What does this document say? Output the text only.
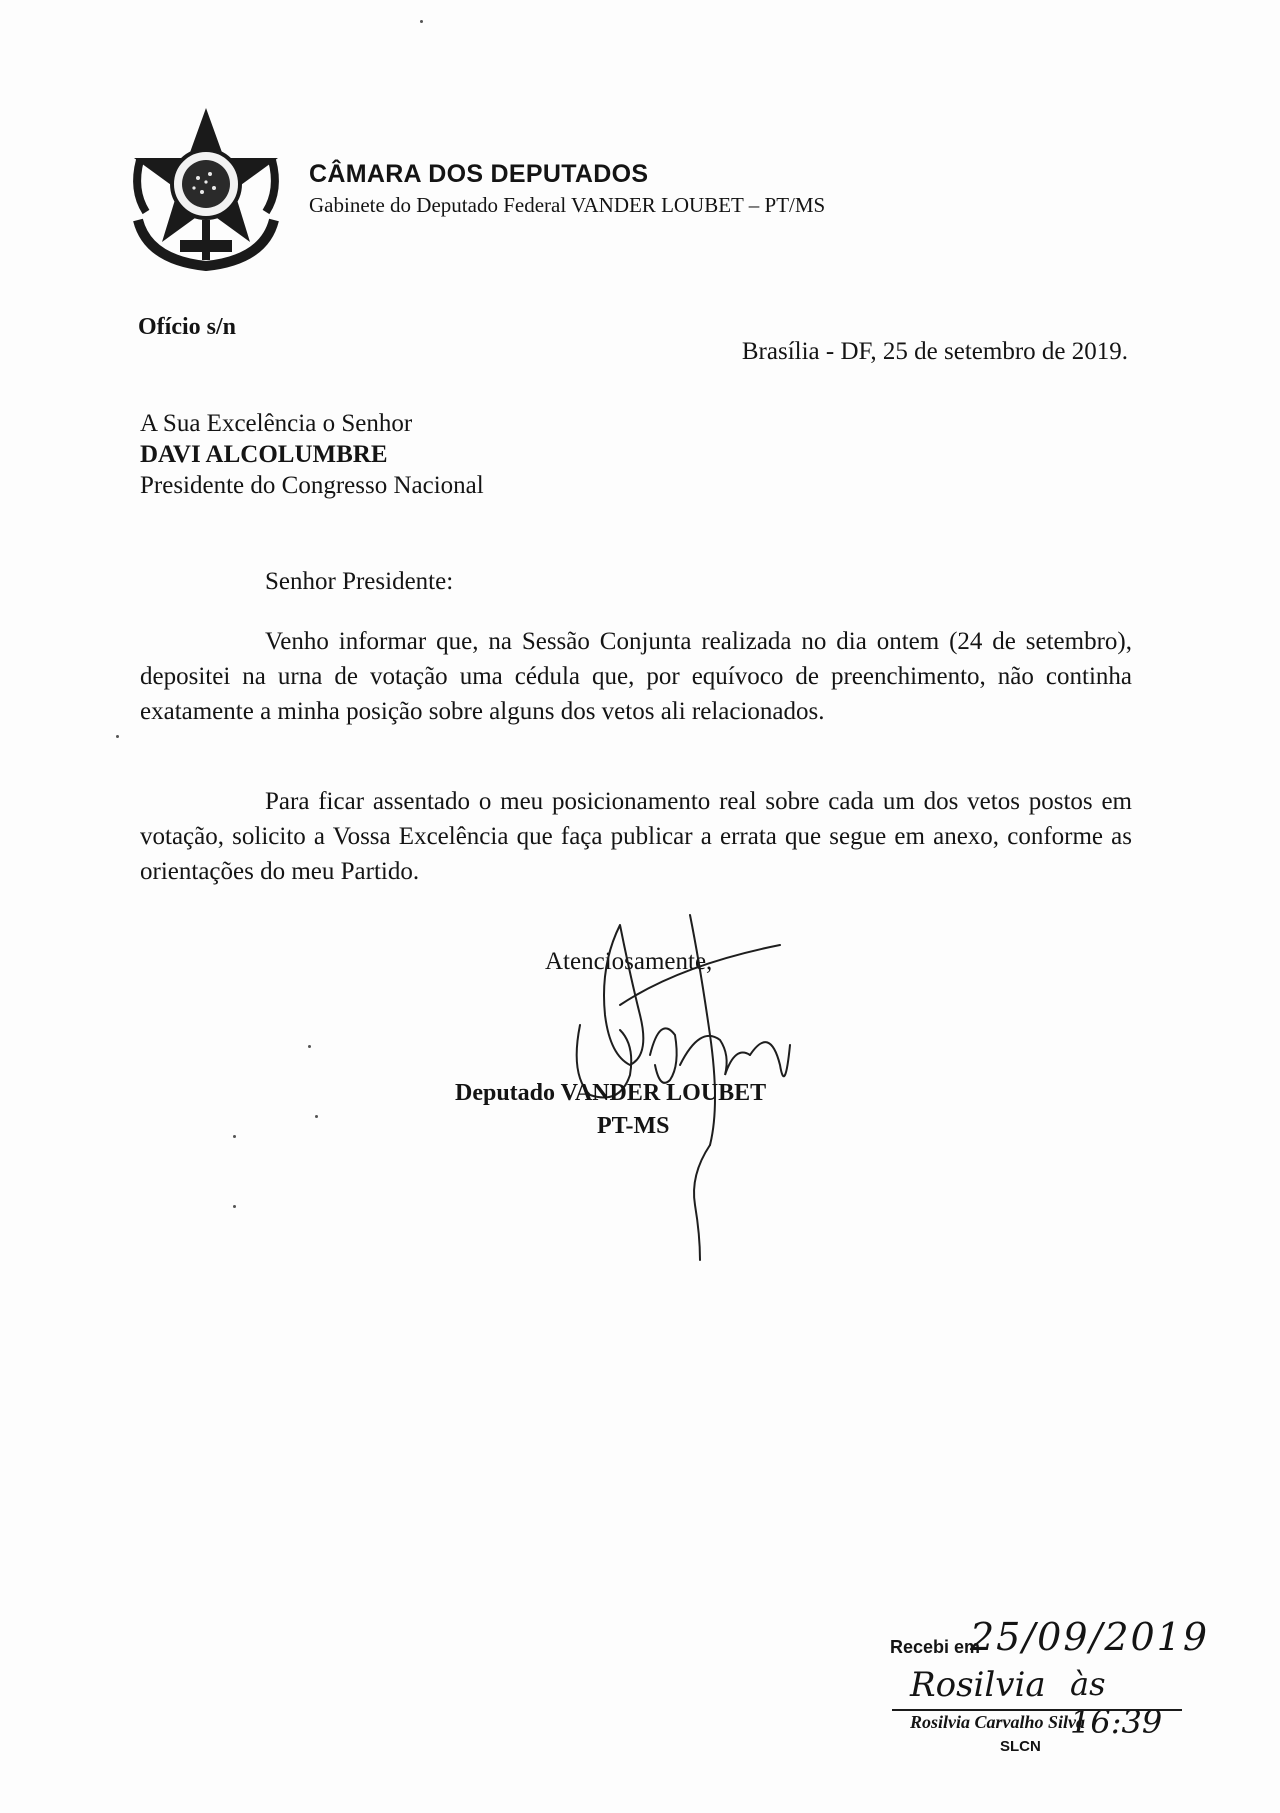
CÂMARA DOS DEPUTADOS
Gabinete do Deputado Federal VANDER LOUBET – PT/MS
Ofício s/n
Brasília - DF, 25 de setembro de 2019.
A Sua Excelência o Senhor
DAVI ALCOLUMBRE
Presidente do Congresso Nacional
Senhor Presidente:

Venho informar que, na Sessão Conjunta realizada no dia ontem (24 de setembro), depositei na urna de votação uma cédula que, por equívoco de preenchimento, não continha exatamente a minha posição sobre alguns dos vetos ali relacionados.

Para ficar assentado o meu posicionamento real sobre cada um dos vetos postos em votação, solicito a Vossa Excelência que faça publicar a errata que segue em anexo, conforme as orientações do meu Partido.

Atenciosamente,
Deputado VANDER LOUBET
PT-MS
Recebi em
25/09/2019
Rosilvia às 16:39
Rosilvia Carvalho Silva
SLCN
